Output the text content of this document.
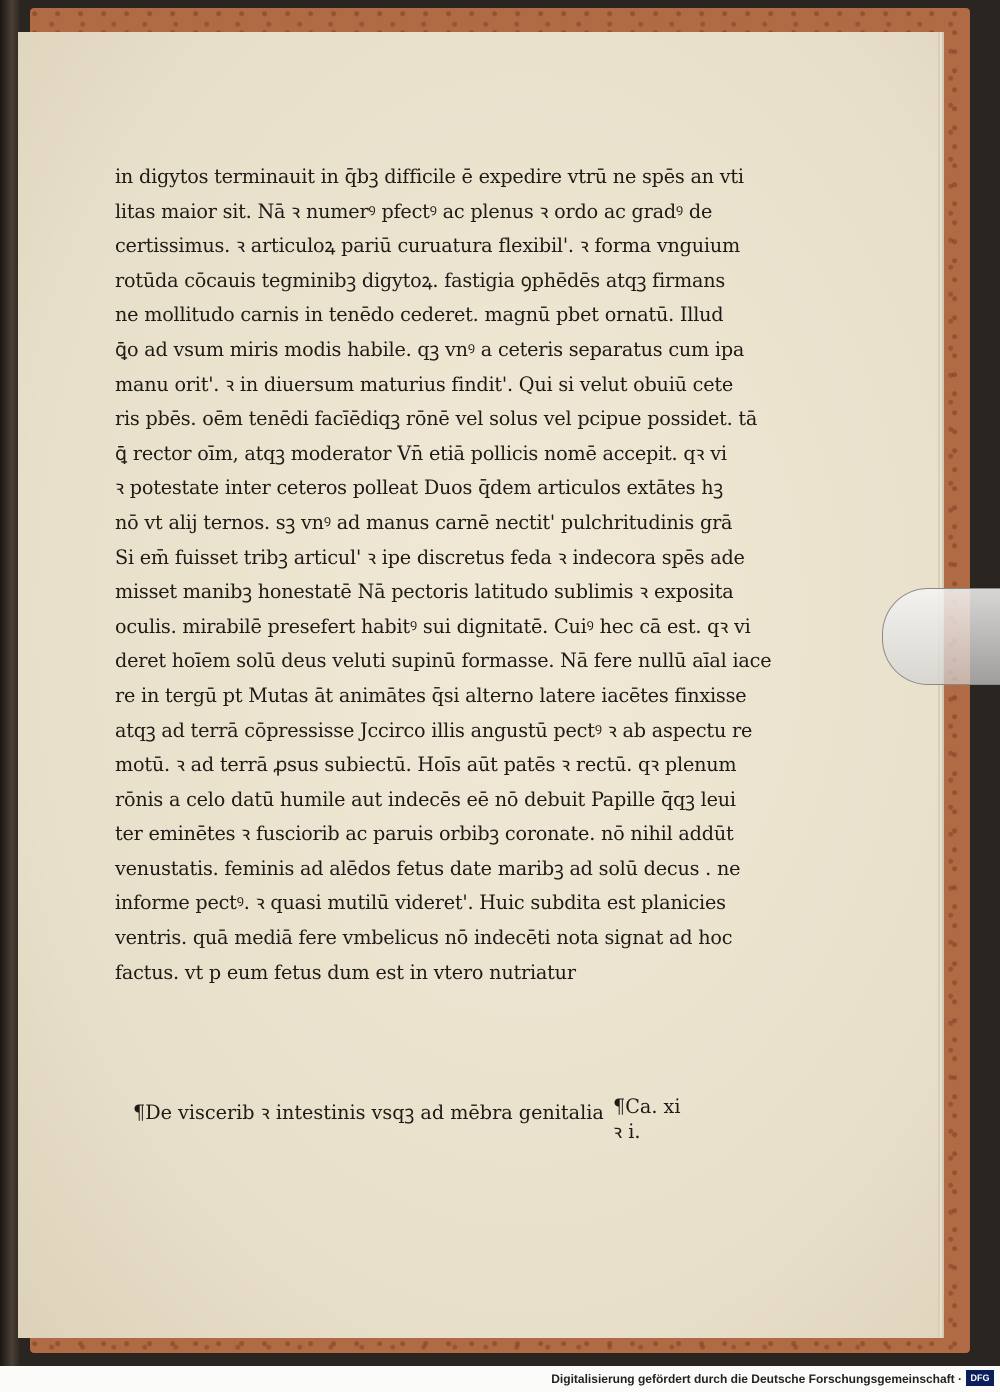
in digytos terminauit in q̄bꝫ difficile ē expedire vtrū ne spēs an vti
litas maior sit. Nā ꝛ numerꝰ pfectꝰ ac plenus ꝛ ordo ac gradꝰ de
certissimus. ꝛ articuloꝝ pariū curuatura flexibil'. ꝛ forma vnguium
rotūda cōcauis tegminibꝫ digytoꝝ. fastigia ꝯphēdēs atqꝫ firmans
ne mollitudo carnis in tenēdo cederet. magnū pbet ornatū. Illud
ꝗ̄o ad vsum miris modis habile. qꝫ vnꝰ a ceteris separatus cum ipa
manu orit'. ꝛ in diuersum maturius findit'. Qui si velut obuiū cete
ris pbēs. oēm tenēdi facīēdiqꝫ rōnē vel solus vel pcipue possidet. tā
ꝗ̄ rector oīm, atqꝫ moderator Vn̄ etiā pollicis nomē accepit. qꝛ vi
ꝛ potestate inter ceteros polleat Duos q̄dem articulos extātes hꝫ
nō vt alij ternos. sꝫ vnꝰ ad manus carnē nectit' pulchritudinis grā
Si em̄ fuisset tribꝫ articul' ꝛ ipe discretus feda ꝛ indecora spēs ade
misset manibꝫ honestatē Nā pectoris latitudo sublimis ꝛ exposita
oculis. mirabilē presefert habitꝰ sui dignitatē. Cuiꝰ hec cā est. qꝛ vi
deret hoīem solū deus veluti supinū formasse. Nā fere nullū aīal iace
re in tergū pt Mutas āt animātes q̄si alterno latere iacētes finxisse
atqꝫ ad terrā cōpressisse Jccirco illis angustū pectꝰ ꝛ ab aspectu re
motū. ꝛ ad terrā ꝓsus subiectū. Hoīs aūt patēs ꝛ rectū. qꝛ plenum
rōnis a celo datū humile aut indecēs eē nō debuit Papille q̄qꝫ leui
ter eminētes ꝛ fusciorib ac paruis orbibꝫ coronate. nō nihil addūt
venustatis. feminis ad alēdos fetus date maribꝫ ad solū decus . ne
informe pectꝰ. ꝛ quasi mutilū videret'. Huic subdita est planicies
ventris. quā mediā fere vmbelicus nō indecēti nota signat ad hoc
factus. vt p eum fetus dum est in vtero nutriatur
¶De viscerib ꝛ intestinis vsqꝫ ad mēbra genitalia ¶Ca. xi
ꝛ i.
Digitalisierung gefördert durch die Deutsche Forschungsgemeinschaft · DFG
